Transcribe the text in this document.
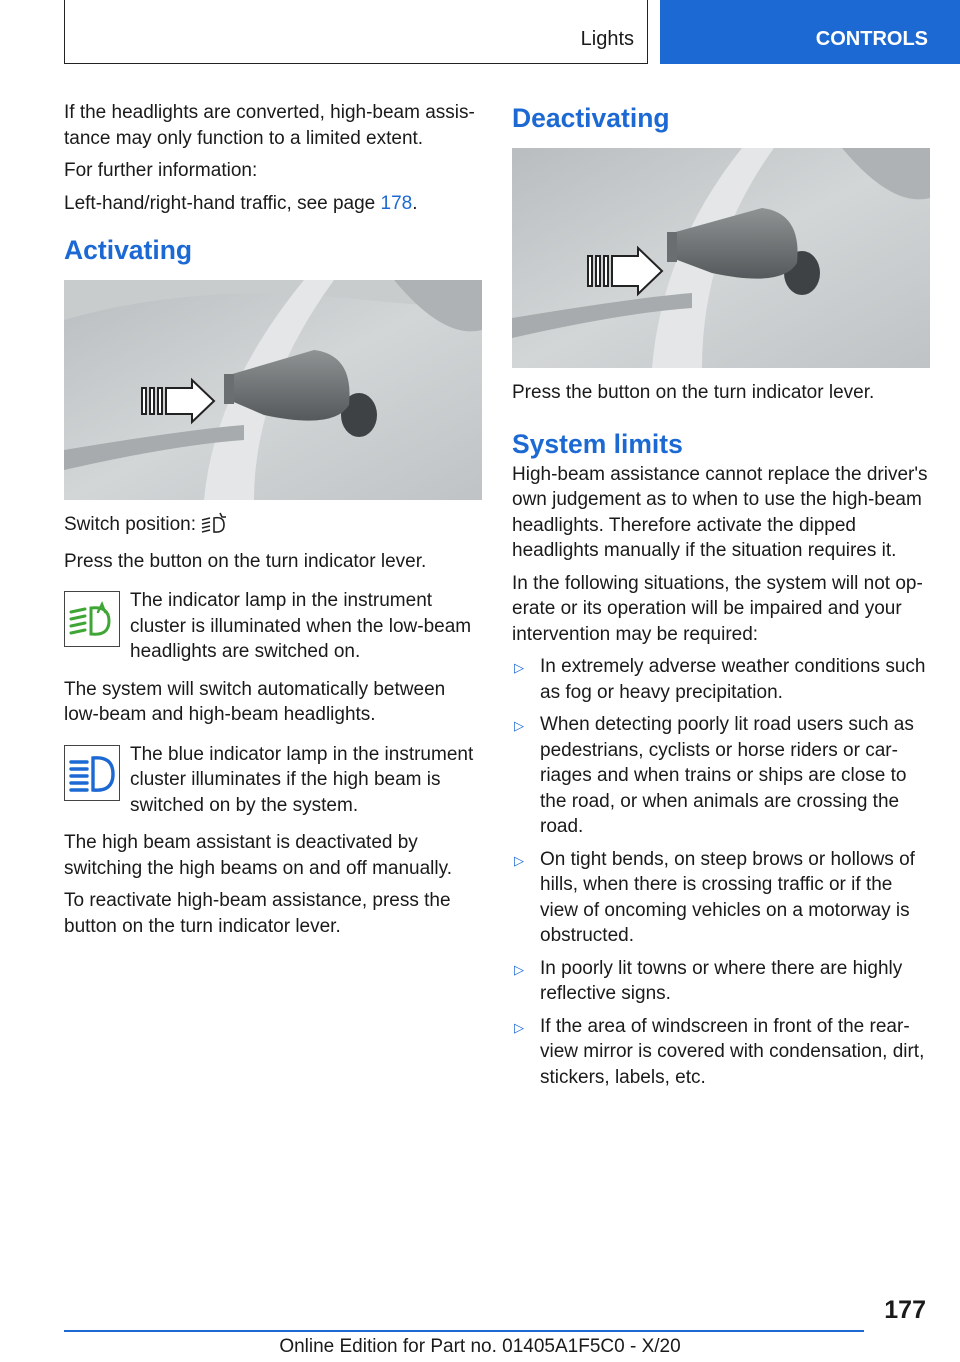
Lights	CONTROLS

If the headlights are converted, high-beam assistance may only function to a limited extent.

For further information:

Left-hand/right-hand traffic, see page 178.

Activating

Switch position:

Press the button on the turn indicator lever.

The indicator lamp in the instrument cluster is illuminated when the low-beam headlights are switched on.

The system will switch automatically between low-beam and high-beam headlights.

The blue indicator lamp in the instrument cluster illuminates if the high beam is switched on by the system.

The high beam assistant is deactivated by switching the high beams on and off manually.

To reactivate high-beam assistance, press the button on the turn indicator lever.

Deactivating

Press the button on the turn indicator lever.

System limits

High-beam assistance cannot replace the driver's own judgement as to when to use the high-beam headlights. Therefore activate the dipped headlights manually if the situation requires it.

In the following situations, the system will not operate or its operation will be impaired and your intervention may be required:

▷ In extremely adverse weather conditions such as fog or heavy precipitation.
▷ When detecting poorly lit road users such as pedestrians, cyclists or horse riders or carriages and when trains or ships are close to the road, or when animals are crossing the road.
▷ On tight bends, on steep brows or hollows of hills, when there is crossing traffic or if the view of oncoming vehicles on a motorway is obstructed.
▷ In poorly lit towns or where there are highly reflective signs.
▷ If the area of windscreen in front of the rearview mirror is covered with condensation, dirt, stickers, labels, etc.
177
Online Edition for Part no. 01405A1F5C0 - X/20
